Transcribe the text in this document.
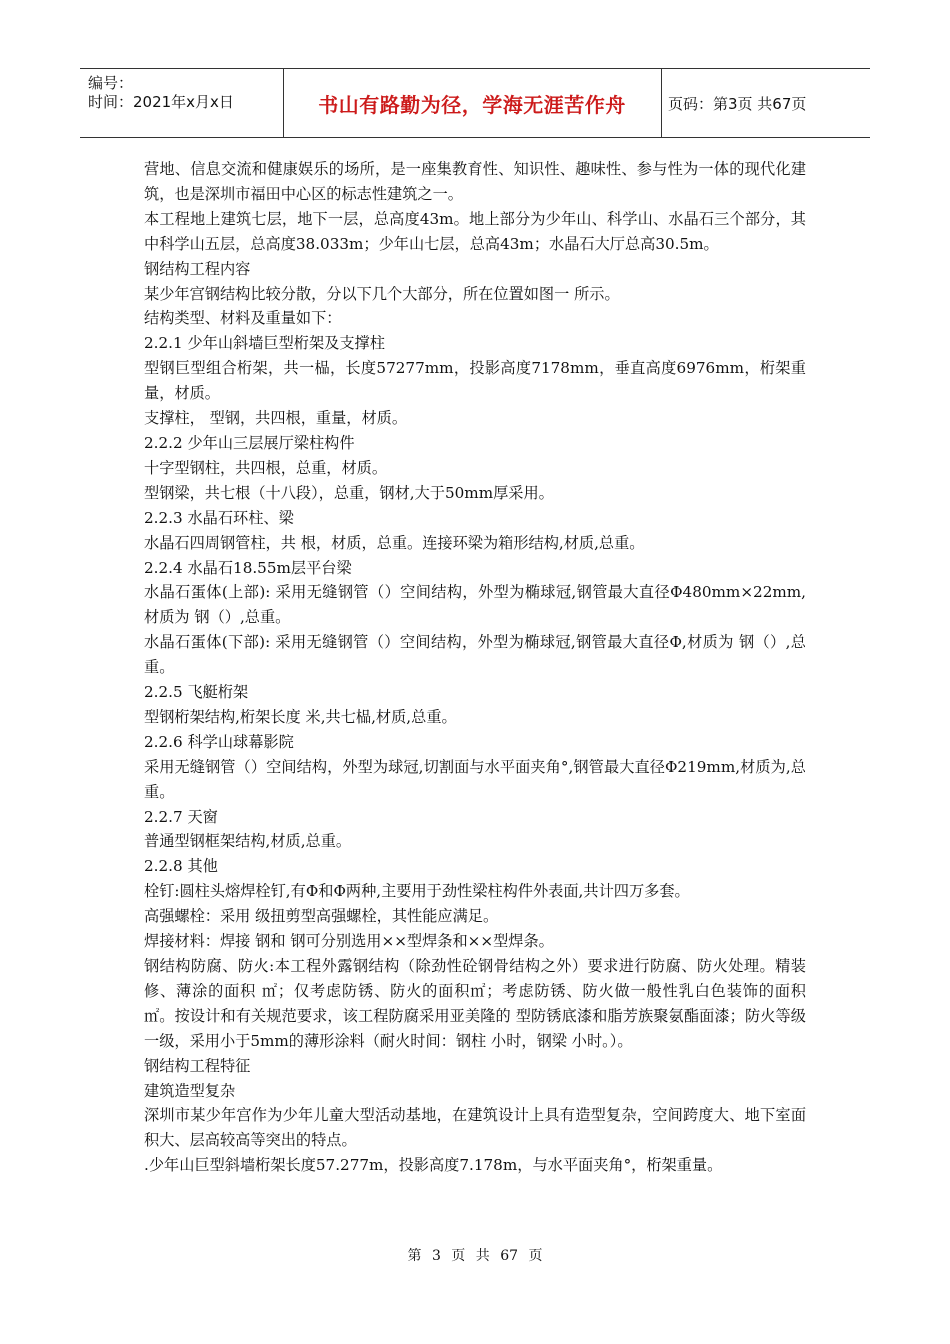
编号：
时间：2021年x月x日	书山有路勤为径，学海无涯苦作舟	页码：第3页 共67页

营地、信息交流和健康娱乐的场所，是一座集教育性、知识性、趣味性、参与性为一体的现代化建筑，也是深圳市福田中心区的标志性建筑之一。

本工程地上建筑七层，地下一层，总高度43m。地上部分为少年山、科学山、水晶石三个部分，其中科学山五层，总高度38.033m；少年山七层，总高43m；水晶石大厅总高30.5m。

钢结构工程内容

某少年宫钢结构比较分散，分以下几个大部分，所在位置如图一 所示。

结构类型、材料及重量如下：

2.2.1 少年山斜墙巨型桁架及支撑柱

型钢巨型组合桁架，共一榀，长度57277mm，投影高度7178mm，垂直高度6976mm，桁架重量，材质。

支撑柱， 型钢，共四根，重量，材质。

2.2.2 少年山三层展厅梁柱构件

十字型钢柱，共四根，总重，材质。

型钢梁，共七根（十八段），总重，钢材,大于50mm厚采用。

2.2.3 水晶石环柱、梁

水晶石四周钢管柱，共 根，材质，总重。连接环梁为箱形结构,材质,总重。

2.2.4 水晶石18.55m层平台梁

水晶石蛋体(上部): 采用无缝钢管（）空间结构，外型为椭球冠,钢管最大直径Φ480mm×22mm,材质为 钢（）,总重。

水晶石蛋体(下部): 采用无缝钢管（）空间结构，外型为椭球冠,钢管最大直径Φ,材质为 钢（）,总重。

2.2.5 飞艇桁架

型钢桁架结构,桁架长度 米,共七榀,材质,总重。

2.2.6 科学山球幕影院

采用无缝钢管（）空间结构，外型为球冠,切割面与水平面夹角°,钢管最大直径Φ219mm,材质为,总重。

2.2.7 天窗

普通型钢框架结构,材质,总重。

2.2.8 其他

栓钉:圆柱头熔焊栓钉,有Φ和Φ两种,主要用于劲性梁柱构件外表面,共计四万多套。

高强螺栓：采用 级扭剪型高强螺栓，其性能应满足。

焊接材料：焊接 钢和 钢可分别选用××型焊条和××型焊条。

钢结构防腐、防火:本工程外露钢结构（除劲性砼钢骨结构之外）要求进行防腐、防火处理。精装修、薄涂的面积 ㎡；仅考虑防锈、防火的面积㎡；考虑防锈、防火做一般性乳白色装饰的面积 ㎡。按设计和有关规范要求，该工程防腐采用亚美隆的 型防锈底漆和脂芳族聚氨酯面漆；防火等级一级，采用小于5mm的薄形涂料（耐火时间：钢柱 小时，钢梁 小时。）。

钢结构工程特征

建筑造型复杂

深圳市某少年宫作为少年儿童大型活动基地，在建筑设计上具有造型复杂，空间跨度大、地下室面积大、层高较高等突出的特点。

.少年山巨型斜墙桁架长度57.277m，投影高度7.178m，与水平面夹角°，桁架重量。

第 3 页 共 67 页
